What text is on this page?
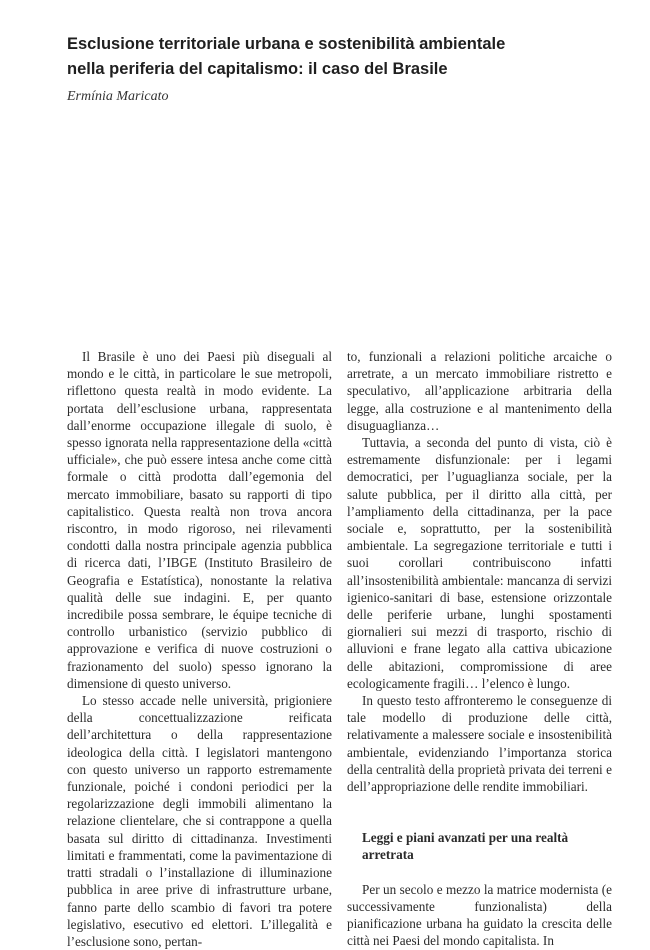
Esclusione territoriale urbana e sostenibilità ambientale
nella periferia del capitalismo: il caso del Brasile

Ermínia Maricato

Il Brasile è uno dei Paesi più diseguali al mondo e le città, in particolare le sue metropoli, riflettono questa realtà in modo evidente. La portata dell’esclusione urbana, rappresentata dall’enorme occupazione illegale di suolo, è spesso ignorata nella rappresentazione della «città ufficiale», che può essere intesa anche come città formale o città prodotta dall’egemonia del mercato immobiliare, basato su rapporti di tipo capitalistico. Questa realtà non trova ancora riscontro, in modo rigoroso, nei rilevamenti condotti dalla nostra principale agenzia pubblica di ricerca dati, l’IBGE (Instituto Brasileiro de Geografia e Estatística), nonostante la relativa qualità delle sue indagini. E, per quanto incredibile possa sembrare, le équipe tecniche di controllo urbanistico (servizio pubblico di approvazione e verifica di nuove costruzioni o frazionamento del suolo) spesso ignorano la dimensione di questo universo.

Lo stesso accade nelle università, prigioniere della concettualizzazione reificata dell’architettura o della rappresentazione ideologica della città. I legislatori mantengono con questo universo un rapporto estremamente funzionale, poiché i condoni periodici per la regolarizzazione degli immobili alimentano la relazione clientelare, che si contrappone a quella basata sul diritto di cittadinanza. Investimenti limitati e frammentati, come la pavimentazione di tratti stradali o l’installazione di illuminazione pubblica in aree prive di infrastrutture urbane, fanno parte dello scambio di favori tra potere legislativo, esecutivo ed elettori. L’illegalità e l’esclusione sono, pertan-

to, funzionali a relazioni politiche arcaiche o arretrate, a un mercato immobiliare ristretto e speculativo, all’applicazione arbitraria della legge, alla costruzione e al mantenimento della disuguaglianza…

Tuttavia, a seconda del punto di vista, ciò è estremamente disfunzionale: per i legami democratici, per l’uguaglianza sociale, per la salute pubblica, per il diritto alla città, per l’ampliamento della cittadinanza, per la pace sociale e, soprattutto, per la sostenibilità ambientale. La segregazione territoriale e tutti i suoi corollari contribuiscono infatti all’insostenibilità ambientale: mancanza di servizi igienico-sanitari di base, estensione orizzontale delle periferie urbane, lunghi spostamenti giornalieri sui mezzi di trasporto, rischio di alluvioni e frane legato alla cattiva ubicazione delle abitazioni, compromissione di aree ecologicamente fragili… l’elenco è lungo.

In questo testo affronteremo le conseguenze di tale modello di produzione delle città, relativamente a malessere sociale e insostenibilità ambientale, evidenziando l’importanza storica della centralità della proprietà privata dei terreni e dell’appropriazione delle rendite immobiliari.

Leggi e piani avanzati per una realtà arretrata

Per un secolo e mezzo la matrice modernista (e successivamente funzionalista) della pianificazione urbana ha guidato la crescita delle città nei Paesi del mondo capitalista. In
